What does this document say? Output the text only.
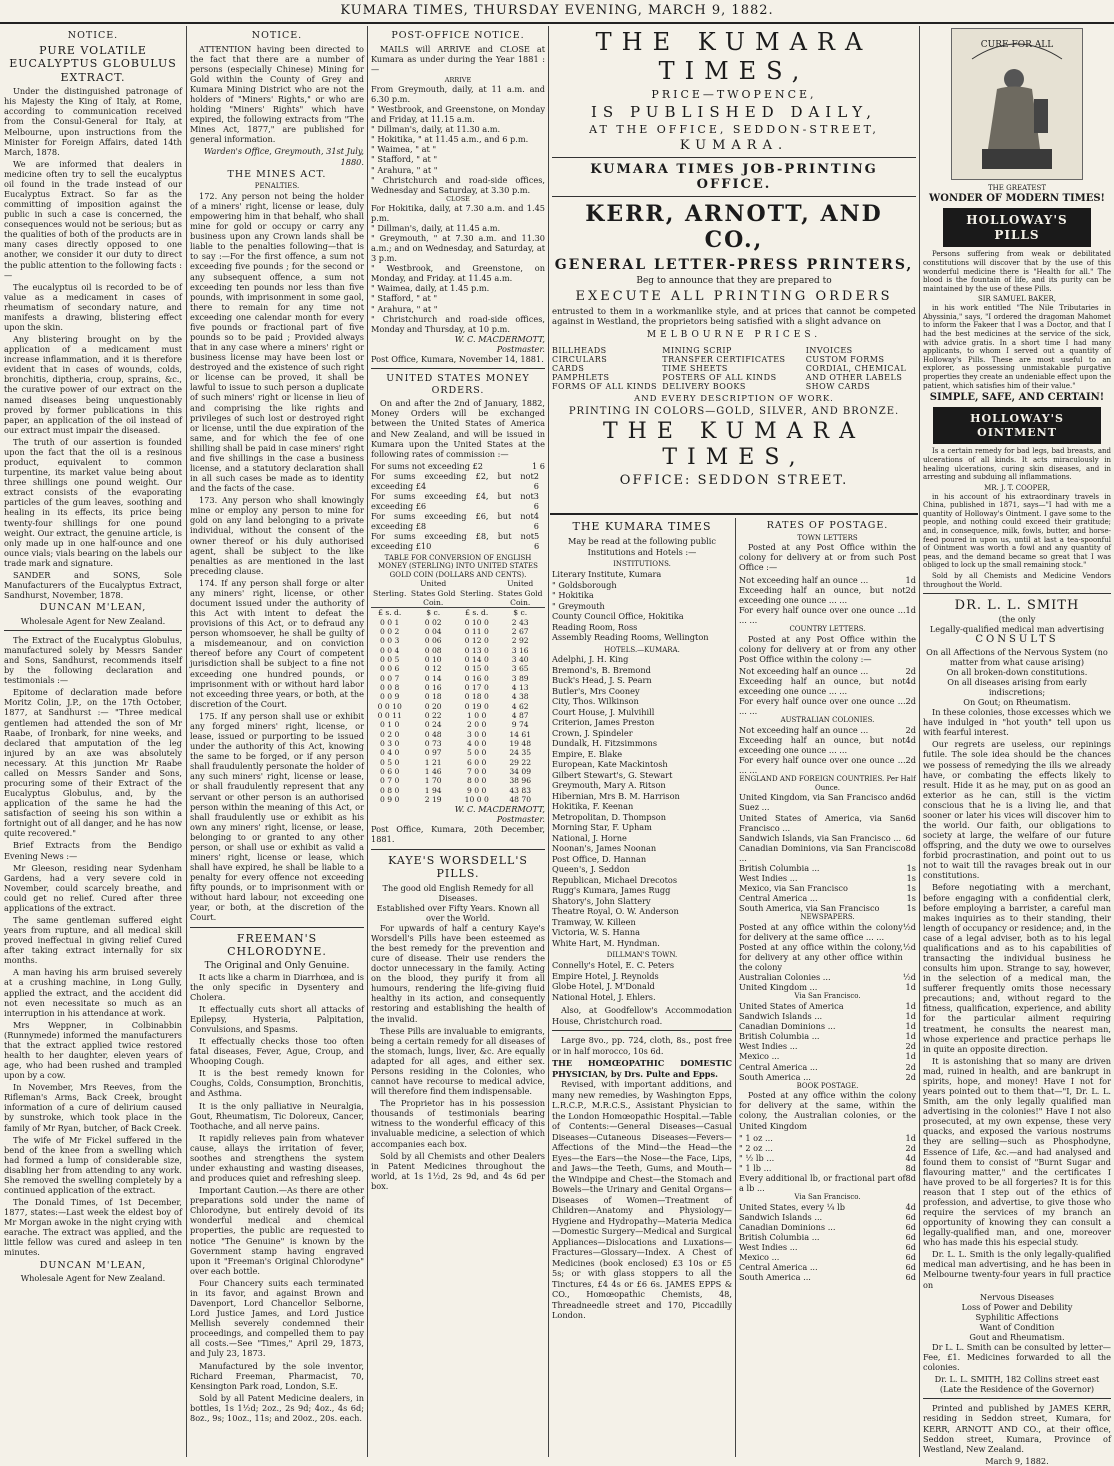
KUMARA TIMES, THURSDAY EVENING, MARCH 9, 1882.
NOTICE.
PURE VOLATILE EUCALYPTUS GLOBULUS EXTRACT.

Under the distinguished patronage of his Majesty the King of Italy, at Rome, according to communication received from the Consul-General for Italy, at Melbourne, upon instructions from the Minister for Foreign Affairs, dated 14th March, 1878.

We are informed that dealers in medicine often try to sell the eucalyptus oil found in the trade instead of our Eucalyptus Extract. So far as the committing of imposition against the public in such a case is concerned, the consequences would not be serious; but as the qualities of both of the products are in many cases directly opposed to one another, we consider it our duty to direct the public attention to the following facts :—

The eucalyptus oil is recorded to be of value as a medicament in cases of rheumatism of secondary nature, and manifests a drawing, blistering effect upon the skin.

Any blistering brought on by the application of a medicament must increase inflammation, and it is therefore evident that in cases of wounds, colds, bronchitis, diptheria, croup, sprains, &c., the curative power of our extract on the named diseases being unquestionably proved by former publications in this paper, an application of the oil instead of our extract must impair the diseased.

The truth of our assertion is founded upon the fact that the oil is a resinous product, equivalent to common turpentine, its market value being about three shillings one pound weight. Our extract consists of the evaporating particles of the gum leaves, soothing and healing in its effects, its price being twenty-four shillings for one pound weight. Our extract, the genuine article, is only made up in one half-ounce and one ounce vials; vials bearing on the labels our trade mark and signature.

SANDER and SONS, Sole Manufacturers of the Eucalyptus Extract, Sandhurst, November, 1878.

DUNCAN M'LEAN,
Wholesale Agent for New Zealand.

The Extract of the Eucalyptus Globulus, manufactured solely by Messrs Sander and Sons, Sandhurst, recommends itself by the following declaration and testimonials :—

Epitome of declaration made before Moritz Colin, J.P., on the 17th October, 1877, at Sandhurst :— "Three medical gentlemen had attended the son of Mr Raabe, of Ironbark, for nine weeks, and declared that amputation of the leg injured by an axe was absolutely necessary. At this junction Mr Raabe called on Messrs Sander and Sons, procuring some of their Extract of the Eucalyptus Globulus, and, by the application of the same he had the satisfaction of seeing his son within a fortnight out of all danger, and he has now quite recovered."

Brief Extracts from the Bendigo Evening News :—

Mr Gleeson, residing near Sydenham Gardens, had a very severe cold in November, could scarcely breathe, and could get no relief. Cured after three applications of the extract.

The same gentleman suffered eight years from rupture, and all medical skill proved ineffectual in giving relief Cured after taking extract internally for six months.

A man having his arm bruised severely at a crushing machine, in Long Gully, applied the extract, and the accident did not even necessitate so much as an interruption in his attendance at work.

Mrs Weppner, in Colbinabbin (Runnymede) informed the manufacturers that the extract applied twice restored health to her daughter, eleven years of age, who had been rushed and trampled upon by a cow.

In November, Mrs Reeves, from the Rifleman's Arms, Back Creek, brought information of a cure of delirium caused by sunstroke, which took place in the family of Mr Ryan, butcher, of Back Creek.

The wife of Mr Fickel suffered in the bend of the knee from a swelling which had formed a lump of considerable size, disabling her from attending to any work. She removed the swelling completely by a continued application of the extract.

The Donald Times, of 1st December, 1877, states:—Last week the eldest boy of Mr Morgan awoke in the night crying with earache. The extract was applied, and the little fellow was cured and asleep in ten minutes.

DUNCAN M'LEAN,
Wholesale Agent for New Zealand.
NOTICE.

ATTENTION having been directed to the fact that there are a number of persons (especially Chinese) Mining for Gold within the County of Grey and Kumara Mining District who are not the holders of "Miners' Rights," or who are holding "Miners' Rights" which have expired, the following extracts from "The Mines Act, 1877," are published for general information.

Warden's Office, Greymouth, 31st July, 1880.
THE MINES ACT.
PENALTIES.

172. Any person not being the holder of a miners' right, license or lease, duly empowering him in that behalf, who shall mine for gold or occupy or carry any business upon any Crown lands shall be liable to the penalties following—that is to say :—For the first offence, a sum not exceeding five pounds ; for the second or any subsequent offence, a sum not exceeding ten pounds nor less than five pounds, with imprisonment in some gaol, there to remain for any time not exceeding one calendar month for every five pounds or fractional part of five pounds so to be paid ; Provided always that in any case where a miners' right or business license may have been lost or destroyed and the existence of such right or license can be proved, it shall be lawful to issue to such person a duplicate of such miners' right or license in lieu of and comprising the like rights and privileges of such lost or destroyed right or license, until the due expiration of the same, and for which the fee of one shilling shall be paid in case miners' right and five shillings in the case a business license, and a statutory declaration shall in all such cases be made as to identity and the facts of the case.

173. Any person who shall knowingly mine or employ any person to mine for gold on any land belonging to a private individual, without the consent of the owner thereof or his duly authorised agent, shall be subject to the like penalties as are mentioned in the last preceding clause.

174. If any person shall forge or alter any miners' right, license, or other document issued under the authority of this Act with intent to defeat the provisions of this Act, or to defraud any person whomsoever, he shall be guilty of a misdemeanour, and on conviction thereof before any Court of competent jurisdiction shall be subject to a fine not exceeding one hundred pounds, or imprisonment with or without hard labor not exceeding three years, or both, at the discretion of the Court.

175. If any person shall use or exhibit any forged miners' right, license, or lease, issued or purporting to be issued under the authority of this Act, knowing the same to be forged, or if any person shall fraudulently personate the holder of any such miners' right, license or lease, or shall fraudulently represent that any servant or other person is an authorised person within the meaning of this Act, or shall fraudulently use or exhibit as his own any miners' right, license, or lease, belonging to or granted to any other person, or shall use or exhibit as valid a miners' right, license or lease, which shall have expired, he shall be liable to a penalty for every offence not exceeding fifty pounds, or to imprisonment with or without hard labour, not exceeding one year, or both, at the discretion of the Court.

FREEMAN'S CHLORODYNE.
The Original and Only Genuine.

It acts like a charm in Diarrhœa, and is the only specific in Dysentery and Cholera.

It effectually cuts short all attacks of Epilepsy, Hysteria, Palpitation, Convulsions, and Spasms.

It effectually checks those too often fatal diseases, Fever, Ague, Croup, and Whooping Cough.

It is the best remedy known for Coughs, Colds, Consumption, Bronchitis, and Asthma.

It is the only palliative in Neuralgia, Gout, Rheumatism, Tic Doloreux, Cancer, Toothache, and all nerve pains.

It rapidly relieves pain from whatever cause, allays the irritation of fever, soothes and strengthens the system under exhausting and wasting diseases, and produces quiet and refreshing sleep.

Important Caution.—As there are other preparations sold under the name of Chlorodyne, but entirely devoid of its wonderful medical and chemical properties, the public are requested to notice "The Genuine" is known by the Government stamp having engraved upon it "Freeman's Original Chlorodyne" over each bottle.

Four Chancery suits each terminated in its favor, and against Brown and Davenport, Lord Chancellor Selborne, Lord Justice James, and Lord Justice Mellish severely condemned their proceedings, and compelled them to pay all costs.—See "Times," April 29, 1873, and July 23, 1873.

Manufactured by the sole inventor, Richard Freeman, Pharmacist, 70, Kensington Park road, London, S.E.

Sold by all Patent Medicine dealers, in bottles, 1s 1½d; 2oz., 2s 9d; 4oz., 4s 6d; 8oz., 9s; 10oz., 11s; and 20oz., 20s. each.

POST-OFFICE NOTICE.

MAILS will ARRIVE and CLOSE at Kumara as under during the Year 1881 :—

ARRIVE
From Greymouth, daily, at 11 a.m. and 6.30 p.m.
" Westbrook, and Greenstone, on Monday and Friday, at 11.15 a.m.
" Dillman's, daily, at 11.30 a.m.
" Hokitika, " at 11.45 a.m., and 6 p.m.
" Waimea, " at "
" Stafford, " at "
" Arahura, " at "
" Christchurch and road-side offices, Wednesday and Saturday, at 3.30 p.m.
CLOSE
For Hokitika, daily, at 7.30 a.m. and 1.45 p.m.
" Dillman's, daily, at 11.45 a.m.
" Greymouth, " at 7.30 a.m. and 11.30 a.m.; and on Wednesday, and Saturday, at 3 p.m.
" Westbrook, and Greenstone, on Monday, and Friday. at 11.45 a.m.
" Waimea, daily, at 1.45 p.m.
" Stafford, " at "
" Arahura, " at "
" Christchurch and road-side offices, Monday and Thursday, at 10 p.m.
W. C. MACDERMOTT,
Postmaster.
Post Office, Kumara, November 14, 1881.
UNITED STATES MONEY ORDERS.

On and after the 2nd of January, 1882, Money Orders will be exchanged between the United States of America and New Zealand, and will be issued in Kumara upon the United States at the following rates of commission :—

For sums not exceeding £2	1 6
For sums exceeding £2, but not exceeding £4
2 6
For sums exceeding £4, but not exceeding £6
3 6
For sums exceeding £6, but not exceeding £8
4 6
For sums exceeding £8, but not exceeding £10
5 6
TABLE FOR CONVERSION OF ENGLISH MONEY (STERLING) INTO UNITED STATES GOLD COIN (DOLLARS AND CENTS).
Sterling.	United States Gold Coin.	Sterling.	United States Gold Coin.
£ s. d.	$ c.	£ s. d.	$ c.
0 0 1	0 02	0 10 0	2 43
0 0 2	0 04	0 11 0	2 67
0 0 3	0 06	0 12 0	2 92
0 0 4	0 08	0 13 0	3 16
0 0 5	0 10	0 14 0	3 40
0 0 6	0 12	0 15 0	3 65
0 0 7	0 14	0 16 0	3 89
0 0 8	0 16	0 17 0	4 13
0 0 9	0 18	0 18 0	4 38
0 0 10	0 20	0 19 0	4 62
0 0 11	0 22	1 0 0	4 87
0 1 0	0 24	2 0 0	9 74
0 2 0	0 48	3 0 0	14 61
0 3 0	0 73	4 0 0	19 48
0 4 0	0 97	5 0 0	24 35
0 5 0	1 21	6 0 0	29 22
0 6 0	1 46	7 0 0	34 09
0 7 0	1 70	8 0 0	38 96
0 8 0	1 94	9 0 0	43 83
0 9 0	2 19	10 0 0	48 70
W. C. MACDERMOTT,
Postmaster.
Post Office, Kumara, 20th December, 1881.
KAYE'S WORSDELL'S PILLS.
The good old English Remedy for all Diseases.
Established over Fifty Years. Known all over the World.

For upwards of half a century Kaye's Worsdell's Pills have been esteemed as the best remedy for the prevention and cure of disease. Their use renders the doctor unnecessary in the family. Acting on the blood, they purify it from all humours, rendering the life-giving fluid healthy in its action, and consequently restoring and establishing the health of the invalid.

These Pills are invaluable to emigrants, being a certain remedy for all diseases of the stomach, lungs, liver, &c. Are equally adapted for all ages, and either sex. Persons residing in the Colonies, who cannot have recourse to medical advice, will therefore find them indispensable.

The Proprietor has in his possession thousands of testimonials bearing witness to the wonderful efficacy of this invaluable medicine, a selection of which accompanies each box.

Sold by all Chemists and other Dealers in Patent Medicines throughout the world, at 1s 1½d, 2s 9d, and 4s 6d per box.

THE KUMARA TIMES,
PRICE—TWOPENCE,
IS PUBLISHED DAILY,
AT THE OFFICE, SEDDON-STREET,
KUMARA.
KUMARA TIMES JOB-PRINTING OFFICE.
KERR, ARNOTT, AND CO.,
GENERAL LETTER-PRESS PRINTERS,
Beg to announce that they are prepared to
EXECUTE ALL PRINTING ORDERS
entrusted to them in a workmanlike style, and at prices that cannot be competed against in Westland, the proprietors being satisfied with a slight advance on
MELBOURNE PRICES.
BILLHEADS
CIRCULARS
CARDS
PAMPHLETS
FORMS OF ALL KINDS
MINING SCRIP
TRANSFER CERTIFICATES
TIME SHEETS
POSTERS OF ALL KINDS
DELIVERY BOOKS
INVOICES
CUSTOM FORMS
CORDIAL, CHEMICAL
AND OTHER LABELS
SHOW CARDS
AND EVERY DESCRIPTION OF WORK.
PRINTING IN COLORS—GOLD, SILVER, AND BRONZE.
THE KUMARA TIMES,
OFFICE: SEDDON STREET.
THE KUMARA TIMES
May be read at the following public Institutions and Hotels :—
INSTITUTIONS.
Literary Institute, Kumara
" Goldsborough
" Hokitika
" Greymouth
County Council Office, Hokitika
Reading Room, Ross
Assembly Reading Rooms, Wellington
HOTELS.—KUMARA.
Adelphi, J. H. King
Bremond's, B. Bremond
Buck's Head, J. S. Pearn
Butler's, Mrs Cooney
City, Thos. Wilkinson
Court House, J. Mulvihill
Criterion, James Preston
Crown, J. Spindeler
Dundalk, H. Fitzsimmons
Empire, E. Blake
European, Kate Mackintosh
Gilbert Stewart's, G. Stewart
Greymouth, Mary A. Ritson
Hibernian, Mrs B. M. Harrison
Hokitika, F. Keenan
Metropolitan, D. Thompson
Morning Star, F. Upham
National, J. Horne
Noonan's, James Noonan
Post Office, D. Hannan
Queen's, J. Seddon
Republican, Michael Drecotos
Rugg's Kumara, James Rugg
Shatory's, John Slattery
Theatre Royal, O. W. Anderson
Tramway, W. Killeen
Victoria, W. S. Hanna
White Hart, M. Hyndman.
DILLMAN'S TOWN.
Connelly's Hotel, E. C. Peters
Empire Hotel, J. Reynolds
Globe Hotel, J. M'Donald
National Hotel, J. Ehlers.

Also, at Goodfellow's Accommodation House, Christchurch road.

Large 8vo., pp. 724, cloth, 8s., post free or in half morocco, 10s 6d.

THE HOMŒOPATHIC DOMESTIC PHYSICIAN, by Drs. Pulte and Epps.

Revised, with important additions, and many new remedies, by Washington Epps, L.R.C.P., M.R.C.S., Assistant Physician to the London Homœopathic Hospital.—Table of Contents:—General Diseases—Casual Diseases—Cutaneous Diseases—Fevers—Affections of the Mind—the Head—the Eyes—the Ears—the Nose—the Face, Lips, and Jaws—the Teeth, Gums, and Mouth—the Windpipe and Chest—the Stomach and Bowels—the Urinary and Genital Organs—Diseases of Women—Treatment of Children—Anatomy and Physiology—Hygiene and Hydropathy—Materia Medica—Domestic Surgery—Medical and Surgical Appliances—Dislocations and Luxations—Fractures—Glossary—Index. A Chest of Medicines (book enclosed) £3 10s or £5 5s; or with glass stoppers to all the Tinctures, £4 4s or £6 6s. JAMES EPPS & CO., Homœopathic Chemists, 48, Threadneedle street and 170, Piccadilly London.

RATES OF POSTAGE.
TOWN LETTERS

Posted at any Post Office within the colony for delivery at or from such Post Office :—

Not exceeding half an ounce ...	1d
Exceeding half an ounce, but not exceeding one ounce ... ...
2d
For every half ounce over one ounce ... ... ...
1d
COUNTRY LETTERS.

Posted at any Post Office within the colony for delivery at or from any other Post Office within the colony :—

Not exceeding half an ounce ...	2d
Exceeding half an ounce, but not exceeding one ounce ... ...
4d
For every half ounce over one ounce ... ... ...
2d
AUSTRALIAN COLONIES.
Not exceeding half an ounce ...	2d
Exceeding half an ounce, but not exceeding one ounce ... ...
4d
For every half ounce over one ounce ... ... ...
2d
ENGLAND AND FOREIGN COUNTRIES. Per Half Ounce.
United Kingdom, via San Francisco and Suez ...
6d
United States of America, via San Francisco ...
6d
Sandwich Islands, via San Francisco ... 6d
Canadian Dominions, via San Francisco ...
8d
British Columbia ...	1s
West Indies ...	1s
Mexico, via San Francisco	1s
Central America ...	1s
South America, via San Francisco	1s
NEWSPAPERS.
Posted at any office within the colony for delivery at the same office ... ...
½d
Posted at any office within the colony, for delivery at any other office within the colony
½d
Australian Colonies ...	½d
United Kingdom ...	1d
Via San Francisco.
United States of America	1d
Sandwich Islands ...	1d
Canadian Dominions ...	1d
British Columbia ...	1d
West Indies ...	2d
Mexico ...	1d
Central America ...	2d
South America ...	2d
BOOK POSTAGE.

Posted at any office within the colony for delivery at the same, within the colony, the Australian colonies, or the United Kingdom

" 1 oz ...	1d
" 2 oz ...	2d
" ½ lb ...	4d
" 1 lb ...	8d
Every additional lb, or fractional part of a lb ...
8d
Via San Francisco.
United States, every ¼ lb	4d
Sandwich Islands ...	6d
Canadian Dominions ...	6d
British Columbia ...	6d
West Indies ...	6d
Mexico ...	6d
Central America ...	6d
South America ...	6d
CURE FOR ALL
THE GREATEST
WONDER OF MODERN TIMES!
HOLLOWAY'S PILLS

Persons suffering from weak or debilitated constitutions will discover that by the use of this wonderful medicine there is "Health for all." The blood is the fountain of life, and its purity can be maintained by the use of these Pills.

SIR SAMUEL BAKER,

in his work entitled "The Nile Tributaries in Abyssinia," says, "I ordered the dragoman Mahomet to inform the Fakeer that I was a Doctor, and that I had the best medicines at the service of the sick, with advice gratis. In a short time I had many applicants, to whom I served out a quantity of Holloway's Pills. These are most useful to an explorer, as possessing unmistakable purgative properties they create an undeniable effect upon the patient, which satisfies him of their value."

SIMPLE, SAFE, AND CERTAIN!
HOLLOWAY'S OINTMENT

Is a certain remedy for bad legs, bad breasts, and ulcerations of all kinds. It acts miraculously in healing ulcerations, curing skin diseases, and in arresting and subduing all inflammations.

MR. J. T. COOPER,

in his account of his extraordinary travels in China, published in 1871, says—"I had with me a quantity of Holloway's Ointment. I gave some to the people, and nothing could exceed their gratitude; and, in consequence, milk, fowls, butter, and horse-feed poured in upon us, until at last a tea-spoonful of Ointment was worth a fowl and any quantity of peas, and the demand became so great that I was obliged to lock up the small remaining stock."

Sold by all Chemists and Medicine Vendors throughout the World.

DR. L. L. SMITH
(the only
Legally-qualified medical man advertising
CONSULTS
On all Affections of the Nervous System (no matter from what cause arising)
On all broken-down constitutions.
On all diseases arising from early indiscretions;
On Gout; on Rheumatism.

In these colonies, those excesses which we have indulged in "hot youth" tell upon us with fearful interest.

Our regrets are useless, our repinings futile. The sole idea should be the chances we possess of remedying the ills we already have, or combating the effects likely to result. Hide it as he may, put on as good an exterior as he can, still is the victim conscious that he is a living lie, and that sooner or later his vices will discover him to the world. Our faith, our obligations to society at large, the welfare of our future offspring, and the duty we owe to ourselves forbid procrastination, and point out to us not to wait till the ravages break out in our constitutions.

Before negotiating with a merchant, before engaging with a confidential clerk, before employing a barrister, a careful man makes inquiries as to their standing, their length of occupancy or residence; and, in the case of a legal adviser, both as to his legal qualifications and as to his capabilities of transacting the individual business he consults him upon. Strange to say, however, in the selection of a medical man, the sufferer frequently omits those necessary precautions; and, without regard to the fitness, qualification, experience, and ability for the particular ailment requiring treatment, he consults the nearest man, whose experience and practice perhaps lie in quite an opposite direction.

It is astonishing that so many are driven mad, ruined in health, and are bankrupt in spirits, hope, and money! Have I not for years pointed out to them that—"I, Dr. L. L. Smith, am the only legally qualified man advertising in the colonies!" Have I not also prosecuted, at my own expense, these very quacks, and exposed the various nostrums they are selling—such as Phosphodyne, Essence of Life, &c.—and had analysed and found them to consist of "Burnt Sugar and flavouring matter," and the certificates I have proved to be all forgeries? It is for this reason that I step out of the ethics of profession, and advertise, to give those who require the services of my branch an opportunity of knowing they can consult a legally-qualified man, and one, moreover who has made this his especial study.

Dr. L. L. Smith is the only legally-qualified medical man advertising, and he has been in Melbourne twenty-four years in full practice on

Nervous Diseases
Loss of Power and Debility
Syphilitic Affections
Want of Condition
Gout and Rheumatism.

Dr L. L. Smith can be consulted by letter—Fee, £1. Medicines forwarded to all the colonies.

Dr. L. L. SMITH, 182 Collins street east
(Late the Residence of the Governor)

Printed and published by JAMES KERR, residing in Seddon street, Kumara, for KERR, ARNOTT AND CO., at their office, Seddon street, Kumara, Province of Westland, New Zealand.

March 9, 1882.
